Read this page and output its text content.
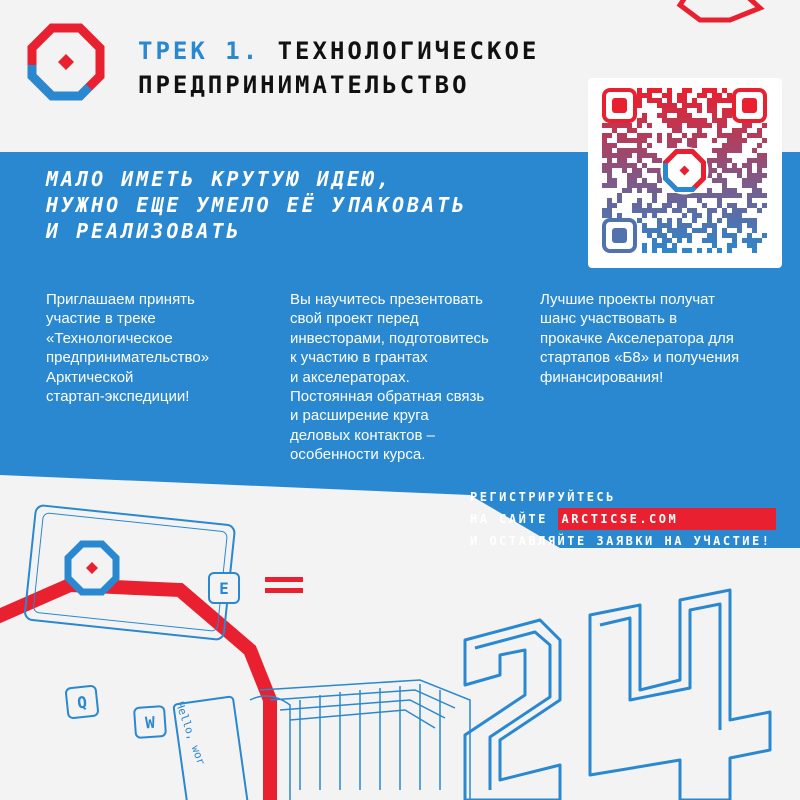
ТРЕК 1. ТЕХНОЛОГИЧЕСКОЕ
ПРЕДПРИНИМАТЕЛЬСТВО
МАЛО ИМЕТЬ КРУТУЮ ИДЕЮ,
НУЖНО ЕЩЕ УМЕЛО ЕЁ УПАКОВАТЬ
И РЕАЛИЗОВАТЬ
Приглашаем принять
участие в треке
«Технологическое
предпринимательство»
Арктической
стартап-экспедиции!
Вы научитесь презентовать
свой проект перед
инвесторами, подготовитесь
к участию в грантах
и акселераторах.
Постоянная обратная связь
и расширение круга
деловых контактов –
особенности курса.
Лучшие проекты получат
шанс участвовать в
прокачке Акселератора для
стартапов «Б8» и получения
финансирования!
РЕГИСТРИРУЙТЕСЬ
НА САЙТЕ ARCTICSE.COM
И ОСТАВЛЯЙТЕ ЗАЯВКИ НА УЧАСТИЕ!
E
Q
W	Hello, wor
